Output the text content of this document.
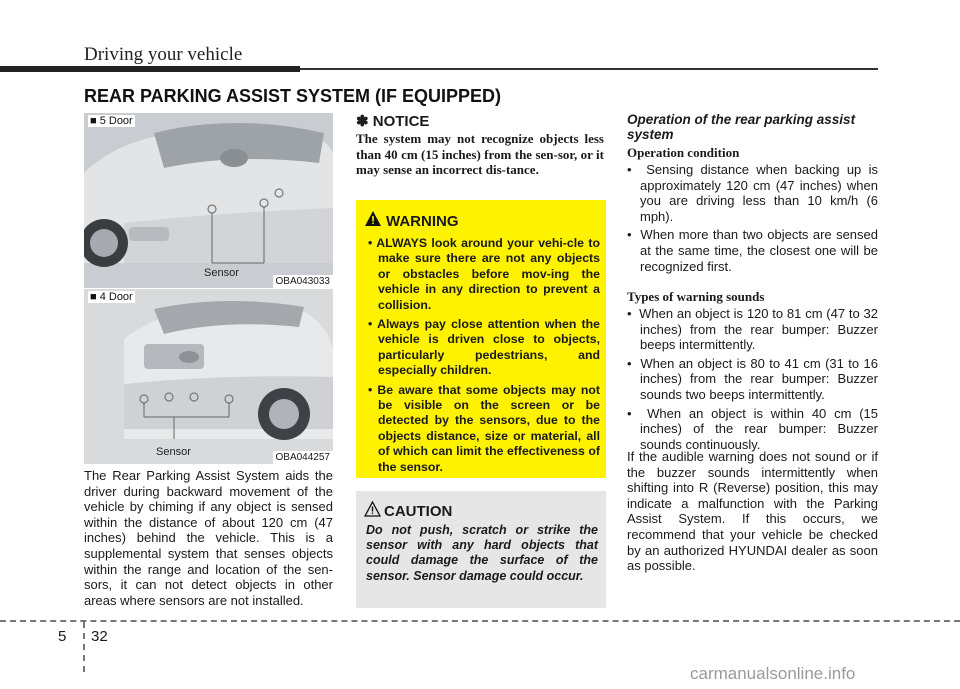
Driving your vehicle
REAR PARKING ASSIST SYSTEM (IF EQUIPPED)
■ 5 Door
Sensor
OBA043033
■ 4 Door
Sensor	OBA044257
The Rear Parking Assist System aids the driver during backward movement of the vehicle by chiming if any object is sensed within the distance of about 120 cm (47 inches) behind the vehicle. This is a supplemental system that senses objects within the range and location of the sen-sors, it can not detect objects in other areas where sensors are not installed.
✽ NOTICE
The system may not recognize objects less than 40 cm (15 inches) from the sen-sor, or it may sense an incorrect dis-tance.
WARNING
• ALWAYS look around your vehi-cle to make sure there are not any objects or obstacles before mov-ing the vehicle in any direction to prevent a collision.
• Always pay close attention when the vehicle is driven close to objects, particularly pedestrians, and especially children.
• Be aware that some objects may not be visible on the screen or be detected by the sensors, due to the objects distance, size or material, all of which can limit the effectiveness of the sensor.
CAUTION
Do not push, scratch or strike the sensor with any hard objects that could damage the surface of the sensor. Sensor damage could occur.
Operation of the rear parking assist system
Operation condition
•  Sensing distance when backing up is approximately 120 cm (47 inches) when you are driving less than 10 km/h (6 mph).
•  When more than two objects are sensed at the same time, the closest one will be recognized first.
Types of warning sounds
•  When an object is 120 to 81 cm (47 to 32 inches) from the rear bumper: Buzzer beeps intermittently.
•  When an object is 80 to 41 cm (31 to 16 inches) from the rear bumper: Buzzer sounds two beeps intermittently.
•  When an object is within 40 cm (15 inches) of the rear bumper: Buzzer sounds continuously.
If the audible warning does not sound or if the buzzer sounds intermittently when shifting into R (Reverse) position, this may indicate a malfunction with the Parking Assist System. If this occurs, we recommend that your vehicle be checked by an authorized HYUNDAI dealer as soon as possible.
5 32
carmanualsonline.info
